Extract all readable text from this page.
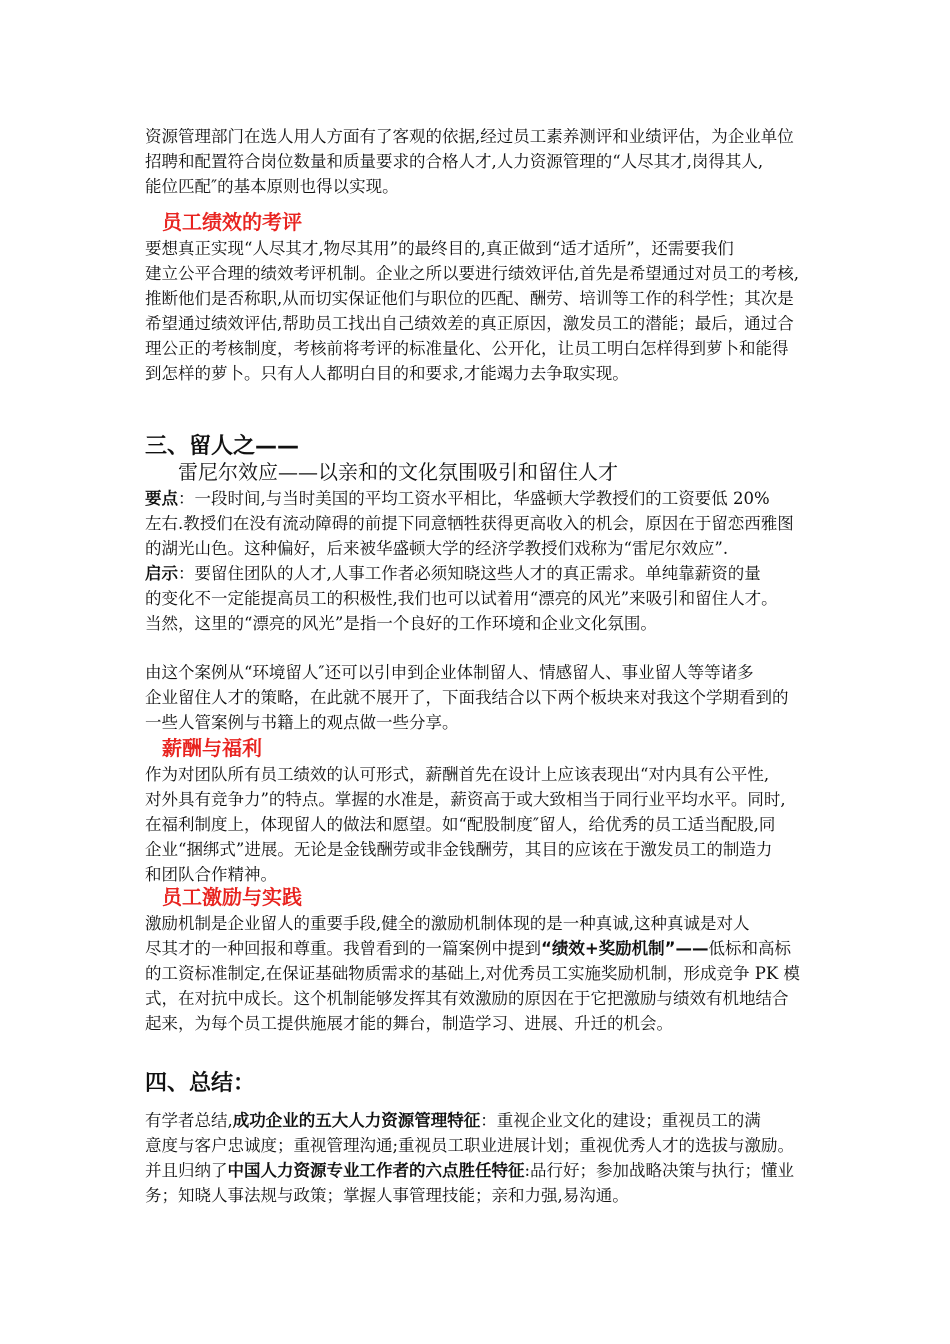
资源管理部门在选人用人方面有了客观的依据,经过员工素养测评和业绩评估，为企业单位
招聘和配置符合岗位数量和质量要求的合格人才,人力资源管理的“人尽其才,岗得其人,
能位匹配″的基本原则也得以实现。
员工绩效的考评
要想真正实现“人尽其才,物尽其用”的最终目的,真正做到“适才适所”，还需要我们
建立公平合理的绩效考评机制。企业之所以要进行绩效评估,首先是希望通过对员工的考核,
推断他们是否称职,从而切实保证他们与职位的匹配、酬劳、培训等工作的科学性；其次是
希望通过绩效评估,帮助员工找出自己绩效差的真正原因，激发员工的潜能；最后，通过合
理公正的考核制度，考核前将考评的标准量化、公开化，让员工明白怎样得到萝卜和能得
到怎样的萝卜。只有人人都明白目的和要求,才能竭力去争取实现。
三、留人之——
雷尼尔效应——以亲和的文化氛围吸引和留住人才
要点：一段时间,与当时美国的平均工资水平相比，华盛顿大学教授们的工资要低 20%
左右.教授们在没有流动障碍的前提下同意牺牲获得更高收入的机会，原因在于留恋西雅图
的湖光山色。这种偏好，后来被华盛顿大学的经济学教授们戏称为“雷尼尔效应”.
启示：要留住团队的人才,人事工作者必须知晓这些人才的真正需求。单纯靠薪资的量
的变化不一定能提高员工的积极性,我们也可以试着用“漂亮的风光”来吸引和留住人才。
当然，这里的“漂亮的风光”是指一个良好的工作环境和企业文化氛围。
由这个案例从“环境留人″还可以引申到企业体制留人、情感留人、事业留人等等诸多
企业留住人才的策略，在此就不展开了，下面我结合以下两个板块来对我这个学期看到的
一些人管案例与书籍上的观点做一些分享。
薪酬与福利
作为对团队所有员工绩效的认可形式，薪酬首先在设计上应该表现出“对内具有公平性,
对外具有竞争力”的特点。掌握的水准是，薪资高于或大致相当于同行业平均水平。同时,
在福利制度上，体现留人的做法和愿望。如“配股制度″留人，给优秀的员工适当配股,同
企业“捆绑式”进展。无论是金钱酬劳或非金钱酬劳，其目的应该在于激发员工的制造力
和团队合作精神。
员工激励与实践
激励机制是企业留人的重要手段,健全的激励机制体现的是一种真诚,这种真诚是对人
尽其才的一种回报和尊重。我曾看到的一篇案例中提到“绩效+奖励机制”——低标和高标
的工资标准制定,在保证基础物质需求的基础上,对优秀员工实施奖励机制，形成竞争 PK 模
式，在对抗中成长。这个机制能够发挥其有效激励的原因在于它把激励与绩效有机地结合
起来，为每个员工提供施展才能的舞台，制造学习、进展、升迁的机会。
四、总结：
有学者总结,成功企业的五大人力资源管理特征：重视企业文化的建设；重视员工的满
意度与客户忠诚度；重视管理沟通;重视员工职业进展计划；重视优秀人才的选拔与激励。
并且归纳了中国人力资源专业工作者的六点胜任特征:品行好；参加战略决策与执行；懂业
务；知晓人事法规与政策；掌握人事管理技能；亲和力强,易沟通。
